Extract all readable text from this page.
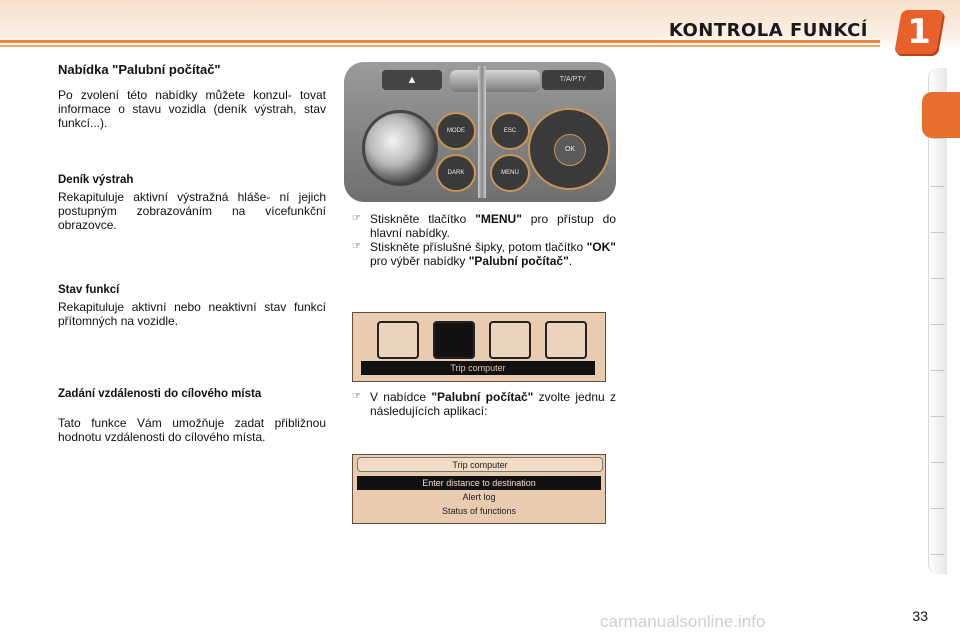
KONTROLA FUNKCÍ 1
Nabídka "Palubní počítač"
Po zvolení této nabídky můžete konzul- tovat informace o stavu vozidla (deník výstrah, stav funkcí...).
Deník výstrah
Rekapituluje aktivní výstražná hláše- ní jejich postupným zobrazováním na vícefunkční obrazovce.
Stav funkcí
Rekapituluje aktivní nebo neaktivní stav funkcí přítomných na vozidle.
Zadání vzdálenosti do cílového místa
Tato funkce Vám umožňuje zadat přibližnou hodnotu vzdálenosti do cílového místa.
▲	T/A/PTY
MODE
DARK
ESC
MENU
OK
☞ Stiskněte tlačítko "MENU" pro přístup do hlavní nabídky.
☞ Stiskněte příslušné šipky, potom tlačítko "OK" pro výběr nabídky "Palubní počítač".
Trip computer
☞ V nabídce "Palubní počítač" zvolte jednu z následujících aplikací:
Trip computer
Enter distance to destination
Alert log
Status of functions
carmanualsonline.info	33
